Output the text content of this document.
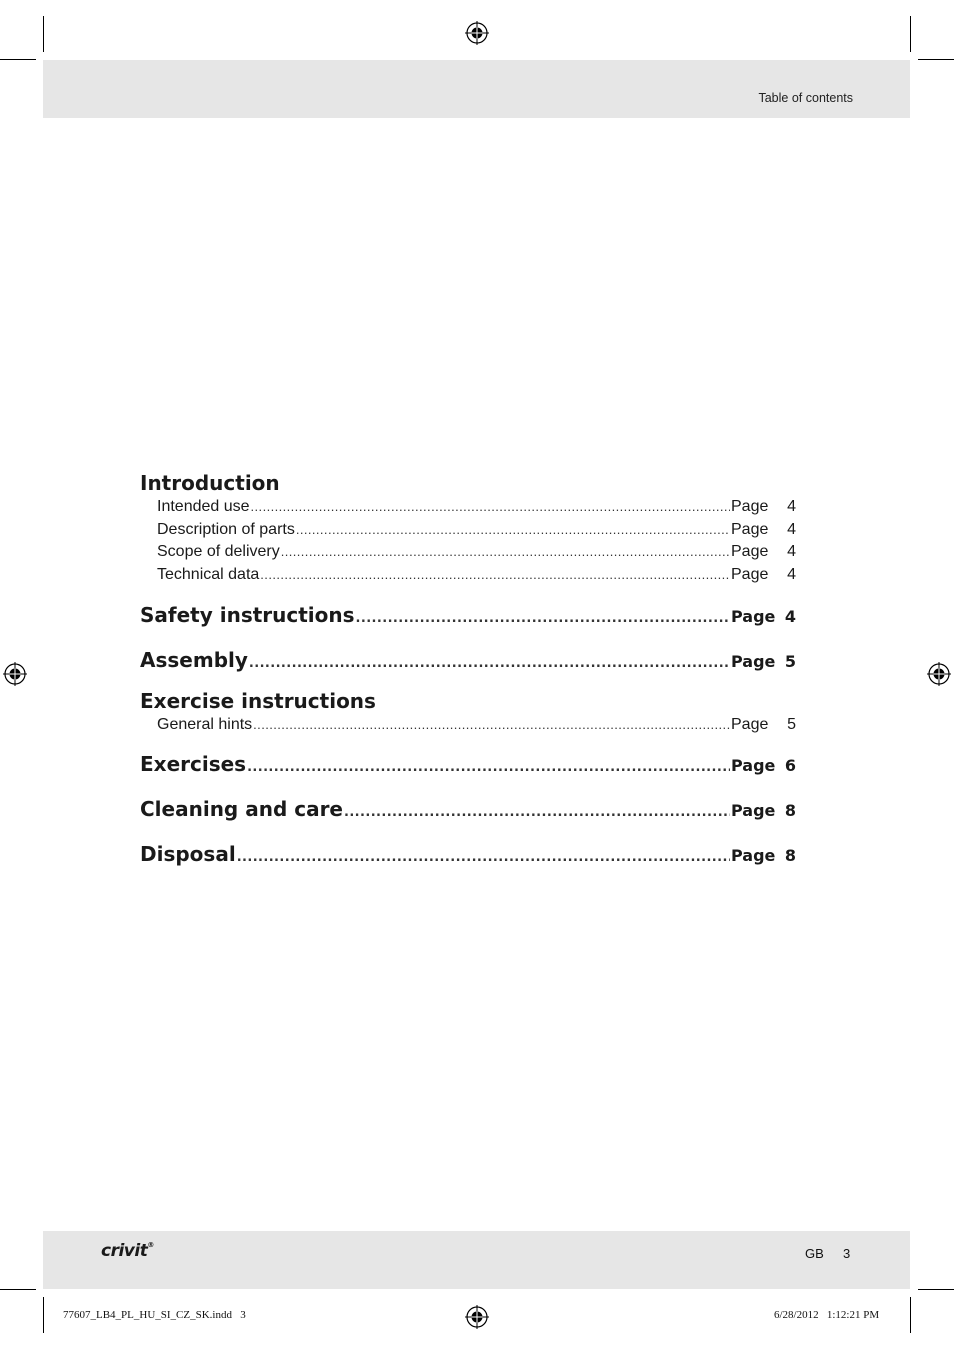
Table of contents
Introduction
Intended use .....	Page	4
Description of parts .....	Page	4
Scope of delivery .....	Page	4
Technical data .....	Page	4
Safety instructions .....	Page 4
Assembly .....	Page 5
Exercise instructions
General hints .....	Page	5
Exercises .....	Page 6
Cleaning and care .....	Page 8
Disposal .....	Page 8
crivit®
GB 3
77607_LB4_PL_HU_SI_CZ_SK.indd   3	6/28/2012   1:12:21 PM
